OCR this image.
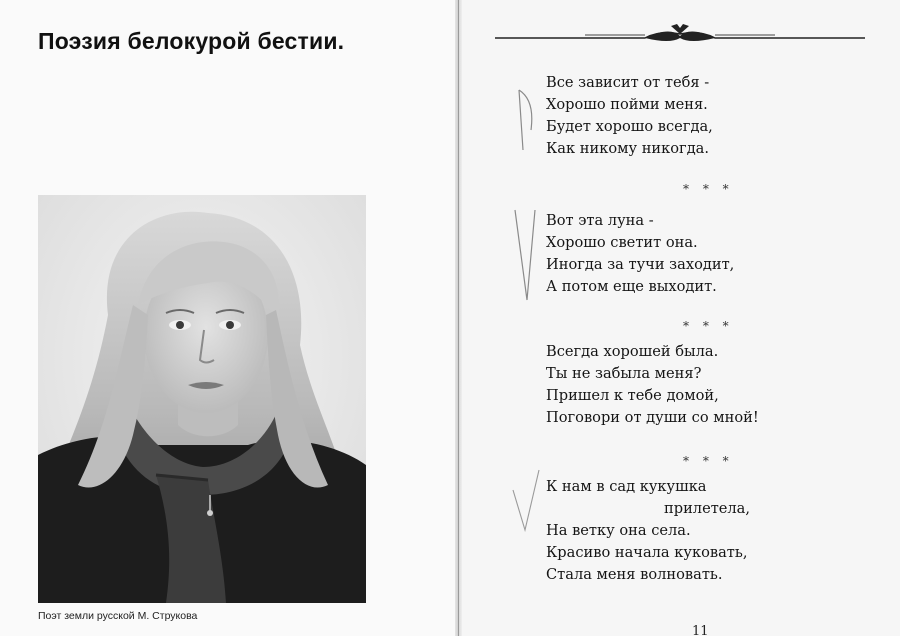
Поэзия белокурой бестии.
Поэт земли русской М. Струкова
Все зависит от тебя -
Хорошо пойми меня.
Будет хорошо всегда,
Как никому никогда.
* * *
Вот эта луна -
Хорошо светит она.
Иногда за тучи заходит,
А потом еще выходит.
* * *
Всегда хорошей была.
Ты не забыла меня?
Пришел к тебе домой,
Поговори от души со мной!
* * *
К нам в сад кукушка
прилетела,
На ветку она села.
Красиво начала куковать,
Стала меня волновать.
11
